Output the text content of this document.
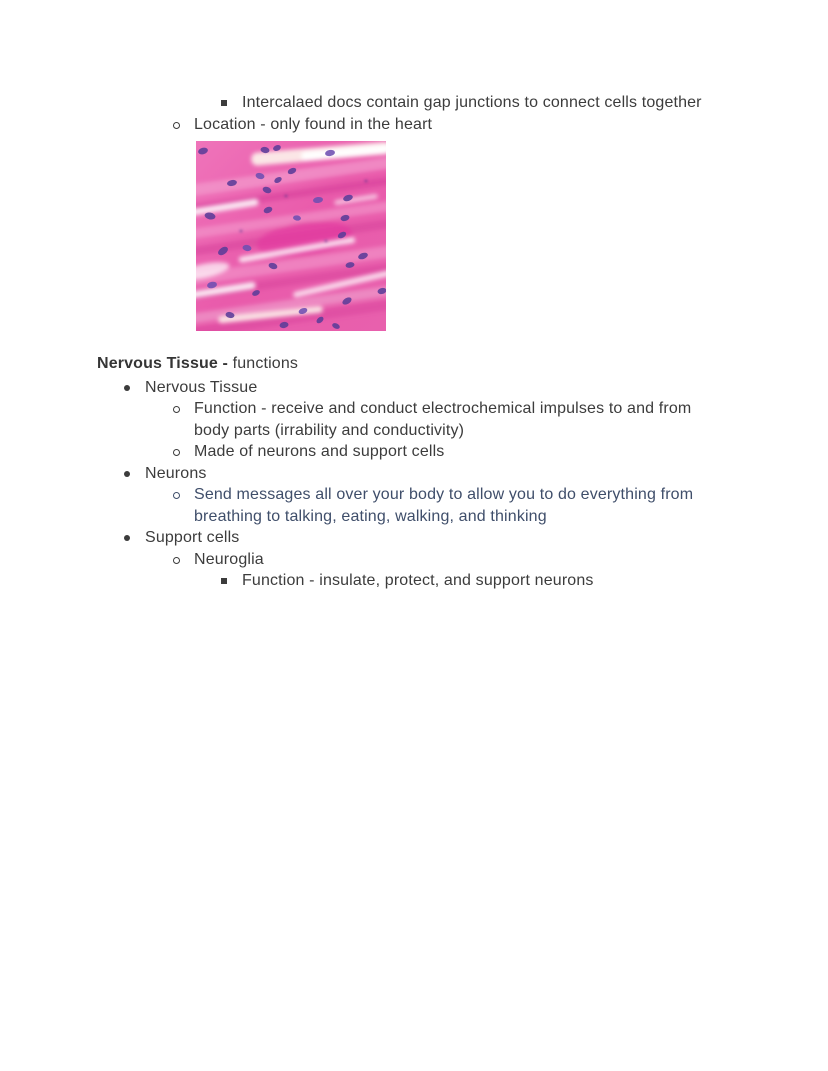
Intercalaed docs contain gap junctions to connect cells together

Location - only found in the heart

Nervous Tissue - functions

Nervous Tissue

Function - receive and conduct electrochemical impulses to and from body parts (irrability and conductivity)

Made of neurons and support cells

Neurons

Send messages all over your body to allow you to do everything from breathing to talking, eating, walking, and thinking

Support cells

Neuroglia

Function - insulate, protect, and support neurons
